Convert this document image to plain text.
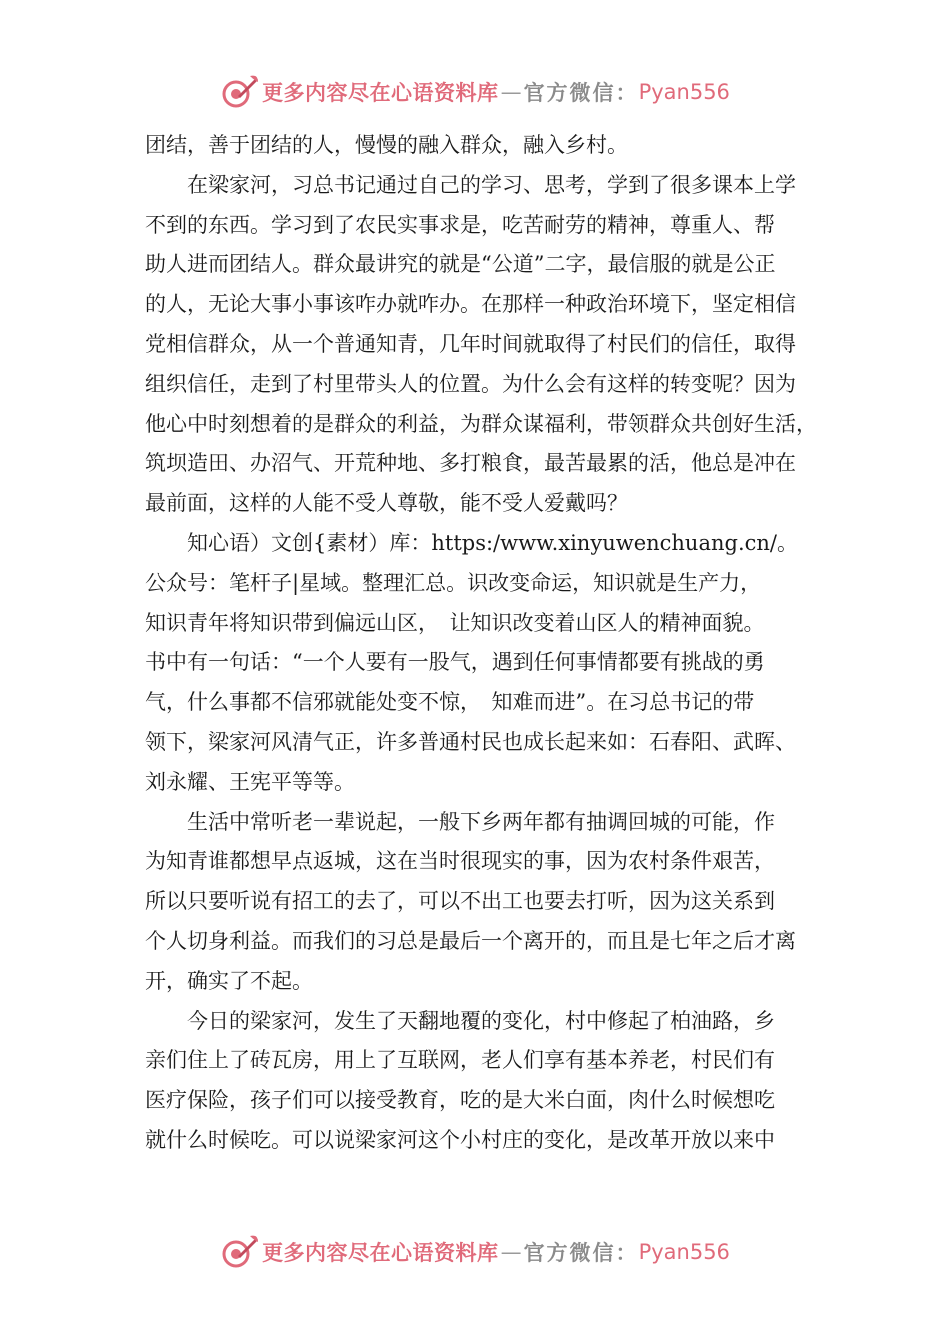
更多内容尽在心语资料库 — 官方微信： Pyan556
团结，善于团结的人，慢慢的融入群众，融入乡村。
　　在梁家河，习总书记通过自己的学习、思考，学到了很多课本上学
不到的东西。学习到了农民实事求是，吃苦耐劳的精神，尊重人、帮
助人进而团结人。群众最讲究的就是“公道”二字，最信服的就是公正
的人，无论大事小事该咋办就咋办。在那样一种政治环境下，坚定相信
党相信群众，从一个普通知青，几年时间就取得了村民们的信任，取得
组织信任，走到了村里带头人的位置。为什么会有这样的转变呢？因为
他心中时刻想着的是群众的利益，为群众谋福利，带领群众共创好生活，
筑坝造田、办沼气、开荒种地、多打粮食，最苦最累的活，他总是冲在
最前面，这样的人能不受人尊敬，能不受人爱戴吗？
　　知心语）文创{素材）库：https:/www.xinyuwenchuang.cn/。
公众号：笔杆子|星域。整理汇总。识改变命运，知识就是生产力，
知识青年将知识带到偏远山区，　让知识改变着山区人的精神面貌。
书中有一句话：“一个人要有一股气，遇到任何事情都要有挑战的勇
气，什么事都不信邪就能处变不惊，　知难而进”。在习总书记的带
领下，梁家河风清气正，许多普通村民也成长起来如：石春阳、武晖、
刘永耀、王宪平等等。
　　生活中常听老一辈说起，一般下乡两年都有抽调回城的可能，作
为知青谁都想早点返城，这在当时很现实的事，因为农村条件艰苦，
所以只要听说有招工的去了，可以不出工也要去打听，因为这关系到
个人切身利益。而我们的习总是最后一个离开的，而且是七年之后才离
开，确实了不起。
　　今日的梁家河，发生了天翻地覆的变化，村中修起了柏油路，乡
亲们住上了砖瓦房，用上了互联网，老人们享有基本养老，村民们有
医疗保险，孩子们可以接受教育，吃的是大米白面，肉什么时候想吃
就什么时候吃。可以说梁家河这个小村庄的变化，是改革开放以来中
更多内容尽在心语资料库 — 官方微信： Pyan556
